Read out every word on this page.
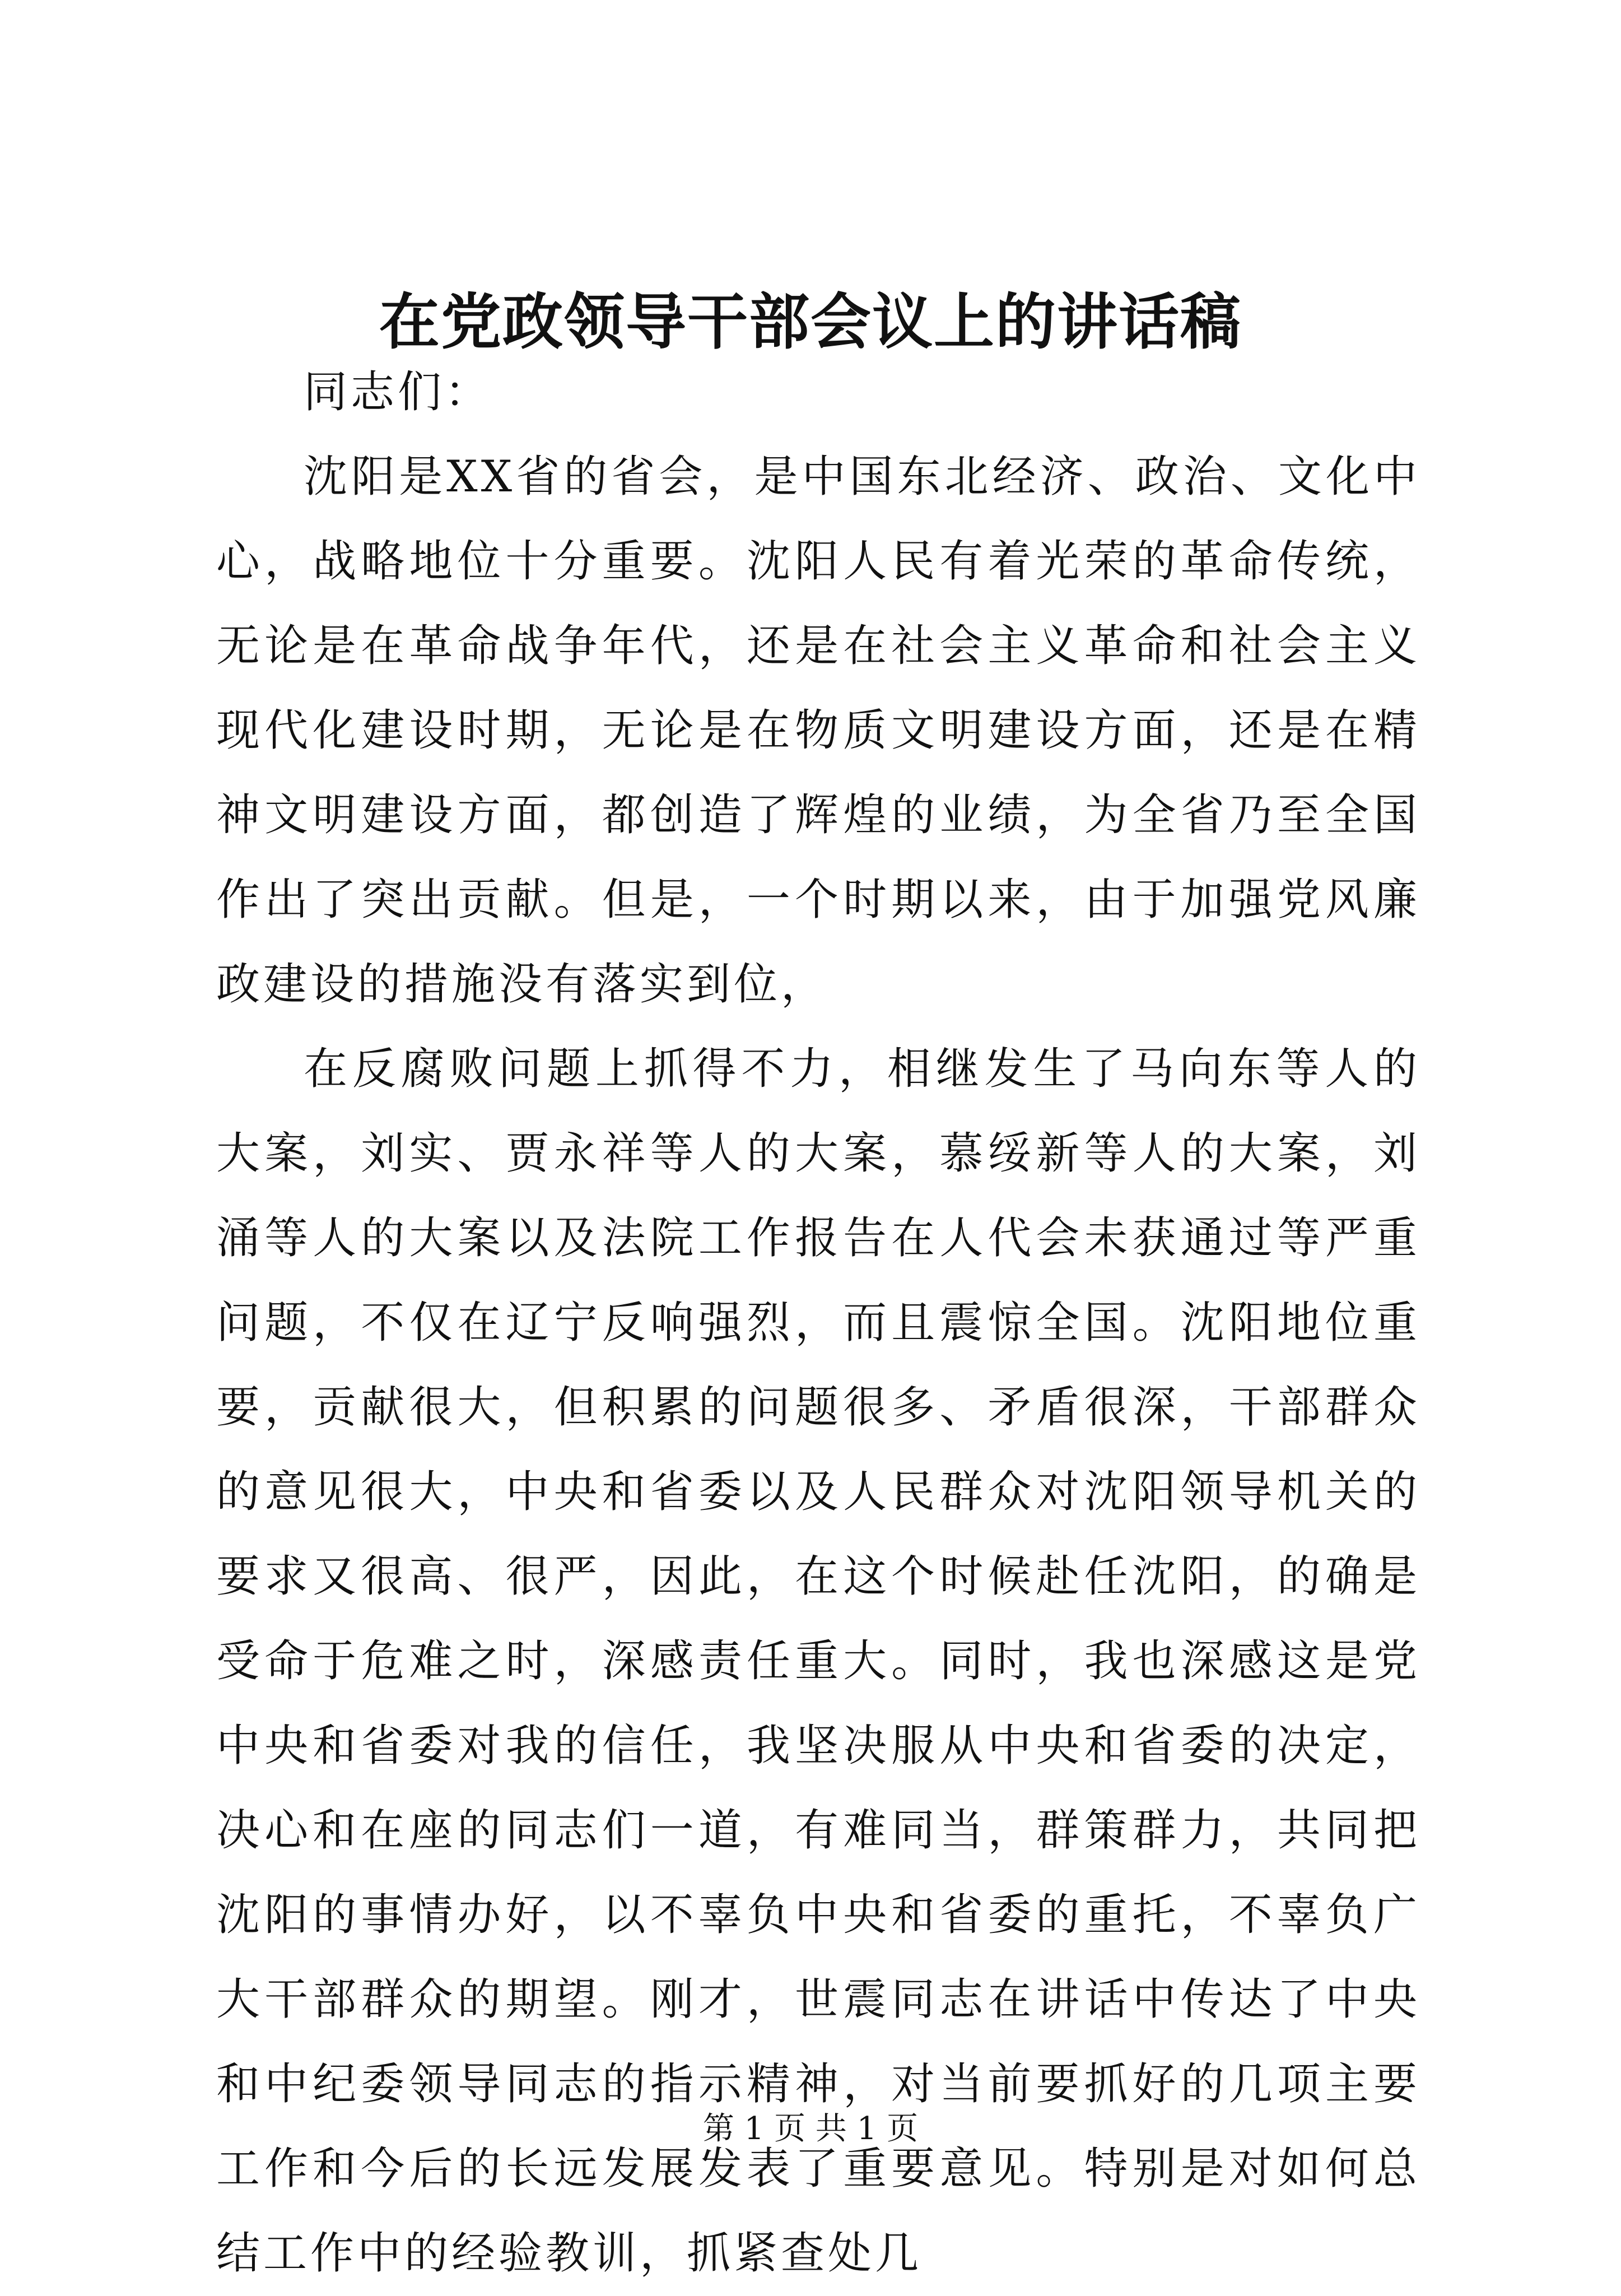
在党政领导干部会议上的讲话稿

同志们：

沈阳是XX省的省会，是中国东北经济、政治、文化中心，战略地位十分重要。沈阳人民有着光荣的革命传统，无论是在革命战争年代，还是在社会主义革命和社会主义现代化建设时期，无论是在物质文明建设方面，还是在精神文明建设方面，都创造了辉煌的业绩，为全省乃至全国作出了突出贡献。但是，一个时期以来，由于加强党风廉政建设的措施没有落实到位，

在反腐败问题上抓得不力，相继发生了马向东等人的大案，刘实、贾永祥等人的大案，慕绥新等人的大案，刘涌等人的大案以及法院工作报告在人代会未获通过等严重问题，不仅在辽宁反响强烈，而且震惊全国。沈阳地位重要，贡献很大，但积累的问题很多、矛盾很深，干部群众的意见很大，中央和省委以及人民群众对沈阳领导机关的要求又很高、很严，因此，在这个时候赴任沈阳，的确是受命于危难之时，深感责任重大。同时，我也深感这是党中央和省委对我的信任，我坚决服从中央和省委的决定，决心和在座的同志们一道，有难同当，群策群力，共同把沈阳的事情办好，以不辜负中央和省委的重托，不辜负广大干部群众的期望。刚才，世震同志在讲话中传达了中央和中纪委领导同志的指示精神，对当前要抓好的几项主要工作和今后的长远发展发表了重要意见。特别是对如何总结工作中的经验教训，抓紧查处几

第 1 页 共 1 页
